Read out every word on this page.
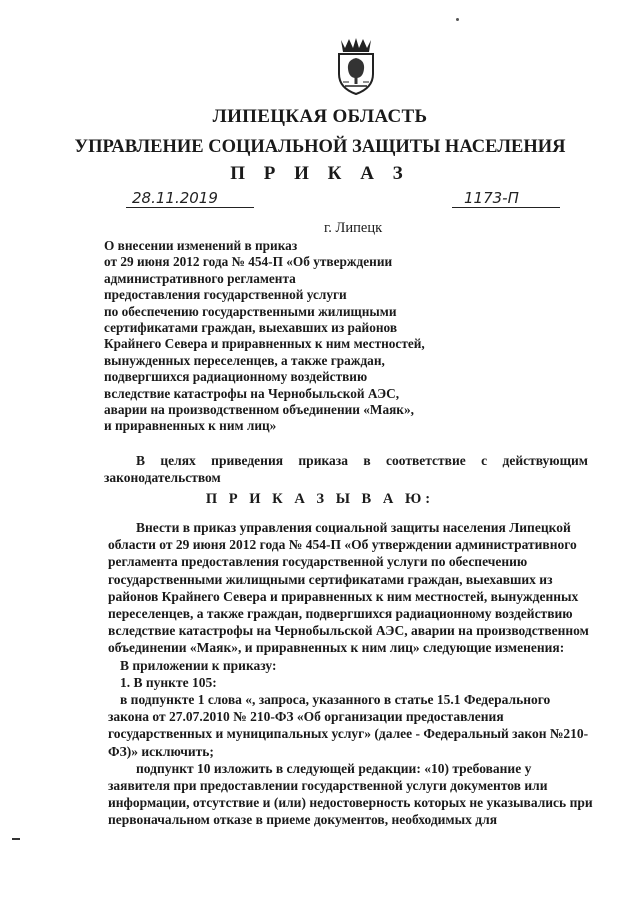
ЛИПЕЦКАЯ ОБЛАСТЬ
УПРАВЛЕНИЕ СОЦИАЛЬНОЙ ЗАЩИТЫ НАСЕЛЕНИЯ
П Р И К А З
28.11.2019	1173-П
г. Липецк
О внесении изменений в приказ
от 29 июня 2012 года № 454-П «Об утверждении
административного регламента
предоставления государственной услуги
по обеспечению государственными жилищными
сертификатами граждан, выехавших из районов
Крайнего Севера и приравненных к ним местностей,
вынужденных переселенцев, а также граждан,
подвергшихся радиационному воздействию
вследствие катастрофы на Чернобыльской АЭС,
аварии на производственном объединении «Маяк»,
и приравненных к ним лиц»
В целях приведения приказа в соответствие с действующим
законодательством
П Р И К А З Ы В А Ю:
Внести в приказ управления социальной защиты населения Липецкой
области от 29 июня 2012 года № 454-П «Об утверждении административного
регламента предоставления государственной услуги по обеспечению
государственными жилищными сертификатами граждан, выехавших из
районов Крайнего Севера и приравненных к ним местностей, вынужденных
переселенцев, а также граждан, подвергшихся радиационному воздействию
вследствие катастрофы на Чернобыльской АЭС, аварии на производственном
объединении «Маяк», и приравненных к ним лиц» следующие изменения:
В приложении к приказу:
1. В пункте 105:
в подпункте 1 слова «, запроса, указанного в статье 15.1 Федерального
закона от 27.07.2010 № 210-ФЗ «Об организации предоставления
государственных и муниципальных услуг» (далее - Федеральный закон №210-
ФЗ)» исключить;
подпункт 10 изложить в следующей редакции: «10) требование у
заявителя при предоставлении государственной услуги документов или
информации, отсутствие и (или) недостоверность которых не указывались при
первоначальном отказе в приеме документов, необходимых для
